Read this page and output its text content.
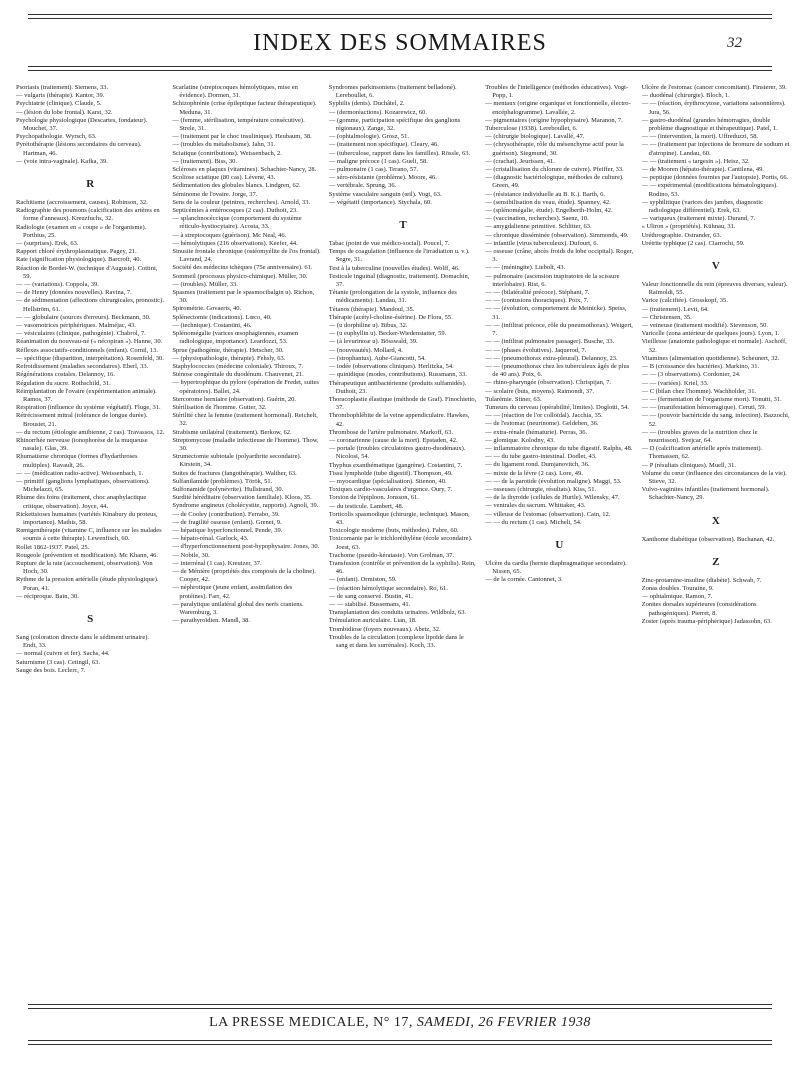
INDEX DES SOMMAIRES	32

Psoriasis (traitement). Siemens, 33.

— vulgaris (thérapie). Kantor, 39.

Psychiatrie (clinique). Claude, 5.

— (lésion du lobe frontal). Karst, 32.

Psychologie physiologique (Descartes, fondateur). Mouchet, 37.

Psychopathologie. Wyrsch, 63.

Pyrétothérapie (lésions secondaires du cerveau). Hartman, 46.

— (voie intra-vaginale). Kafka, 39.

R

Rachitisme (accroissement, causes). Robinson, 32.

Radiographie des poumons (calcification des artères en forme d'anneaux). Kreuzfuchs, 32.

Radiologie (examen en « coupe » de l'organisme). Porthius, 25.

— (surprises). Erek, 63.

Rapport chloré érythroplasmatique. Pagey, 21.

Rate (signification physiologique). Barcroft, 40.

Réaction de Bordet-W. (technique d'Auguste). Cottini, 59.

— — (variations). Coppola, 39.

— de Henry (données nouvelles). Ravina, 7.

— de sédimentation (affections chirurgicales, pronostic). Hellström, 61.

— — globulaire (sources d'erreurs). Beckmann, 30.

— vasomotrices périphériques. Malméjac, 43.

— vésiculaires (clinique, pathogénie). Chabrol, 7.

Réanimation du nouveau-né (« nécopiran »). Hanne, 30.

Réflexes associatifs-conditionnels (enfant). Cornil, 13.

— spécifique (disparition, interprétation). Rosenfeld, 30.

Refroidissement (maladies secondaires). Eberl, 33.

Régénérations costales. Delannoy, 16.

Régulation du sucre. Rothschild, 31.

Réimplantation de l'ovaire (expérimentation animale). Ramos, 37.

Respiration (influence du système végétatif). Fluge, 31.

Rétrécissement mitral (tolérance de longue durée). Broustet, 21.

— du rectum (étiologie amibienne, 2 cas). Travassos, 12.

Rhinorrhée nerveuse (ionophorèse de la muqueuse nasale). Glas, 39.

Rhumatisme chronique (formes d'hydarthroses multiples). Ravault, 26.

— — (médication radio-active). Weissenbach, 1.

— primitif (ganglions lymphatiques, observations). Michelazzi, 65.

Rhume des foins (traitement, choc anaphylactique critique, observation). Joyce, 44.

Rickettsioses humaines (variétés Kinabury du proteus, importance). Mathis, 58.

Rœntgenthérapie (vitamine C, influence sur les malades soumis à cette thérapie). Lewenfisch, 60.

Rollet 1862-1937. Patel, 25.

Rougeole (prévention et modification). Mc Khann, 46.

Rupture de la rate (accouchement, observation). Von Hoch, 30.

Rythme de la pression artérielle (étude physiologique). Poran, 41.

— réciproque. Bain, 30.

S

Sang (coloration directe dans le sédiment urinaire). Endt, 33.

— normal (cuivre et fer). Sachs, 44.

Saturnisme (3 cas). Cetingil, 63.

Sauge des bois. Leclerc, 7.

Scarlatine (streptocoques hémolytiques, mise en évidence). Dormen, 31.

Schizophrénie (crise épileptique facteur thérapeutique). Meduna, 31.

— (femme, stérilisation, température consécutive). Strele, 31.

— (traitement par le choc insulinique). Heubaum, 38.

— (troubles du métabolisme). Jahn, 31.

Sciatique (contributions). Weissenbach, 2.

— (traitement). Biss, 30.

Scléroses en plaques (vitamines). Schachter-Nancy, 28.

Scoliose sciatique (80 cas). Lèvene, 43.

Sédimentation des globules blancs. Lindgren, 62.

Séminome de l'ovaire. Jorge, 37.

Sens de la couleur (peintres, recherches). Arnold, 33.

Septicémies à entérocoques (2 cas). Duthoit, 23.

— splanchnocéccique (comportement du système réticulo-hystiocytaire). Acosta, 33.

— à streptocoques (guérison). Mc Neal, 46.

— hémolytiques (216 observations). Keefer, 44.

Sinusite frontale chronique (ostéomyélite de l'os frontal). Lavrand, 24.

Société des médecins tchèques (75e anniversaire). 61.

Sommeil (processus physico-chimique). Müller, 30.

— (troubles). Müller, 33.

Spasmes (traitement par le spasmocibalgin u). Richon, 30.

Spirométrie. Govaerts, 40.

Splénectomie (indications). Lœco, 40.

— (technique). Costantini, 46.

Splénomégalie (varices œsophagiennes, examen radiologique, importance). Leardozzi, 53.

Sprue (pathogénie, thérapie). Hetscher, 30.

— (physiopathologie, thérapie). Fehsly, 63.

Staphylococcies (médecine coloniale). Thiroux, 7.

Sténose congénitale du duodénum. Chauvenet, 21.

— hypertrophique du pylore (opération de Fredet, suites opératoires). Ballet, 24.

Stercorome herniaire (observation). Guérin, 20.

Stérilisation de l'homme. Gutter, 32.

Stérilité chez la femme (traitement hormonal). Reichelt, 32.

Strabisme unilatéral (traitement). Berkow, 62.

Streptomycose (maladie infectieuse de l'homme). Thow, 30.

Strumectomie subtotale (polyarthrite secondaire). Kirstein, 34.

Suites de fractures (fangothérapie). Walther, 63.

Sulfanilamide (problèmes). Török, 51.

Sulfonamide (polynévrite). Hullstrand, 30.

Surdité héréditaire (observation familiale). Kloos, 35.

Syndrome angineux (cholécystite, rapports). Agnoli, 39.

— de Cooley (contribution). Ferrabo, 39.

— de fragilité osseuse (enfant). Grenet, 9.

— hépatique hyperfonctionnel. Pende, 39.

— hépato-rénal. Garlock, 43.

— d'hyperfonctionnement post-hypophysaire. Jones, 30.

— Nobile, 30.

— interrénal (1 cas). Kreutzer, 37.

— de Ménière (propriétés des composés de la choline). Cooper, 42.

— néphrotique (jeune enfant, assimilation des protéines). Farr, 42.

— paralytique unilatéral global des nerfs craniens. Waremburg, 3.

— parathyroïdien. Mandl, 38.

Syndromes parkinsoniens (traitement belladoné). Lereboullet, 6.

Syphilis (dents). Duchâtel, 2.

— (dermoréactions). Kozarewicz, 60.

— (gomme, participation spécifique des ganglions régionaux). Zange, 32.

— (ophtalmologie). Grosz, 51.

— (traitement non spécifique). Cleary, 46.

— (tuberculose, rapport dans les familles). Rössle, 63.

— maligne précoce (1 cas). Gueli, 58.

— pulmonaire (1 cas). Terano, 57.

— séro-résistante (problème). Moore, 46.

— vertébrale. Sprung, 36.

Système vasculaire sanguin (œil). Vogt, 63.

— végétatif (importance). Stychala, 60.

T

Tabac (point de vue médico-social). Poucel, 7.

Temps de coagulation (influence de l'irradiation u. v.). Segre, 31.

Test à la tuberculine (nouvelles études). Wolff, 46.

Testicule inguinal (diagnostic, traitement). Domachin, 37.

Tétanie (prolongation de la systole, influence des médicaments). Landau, 31.

Tétanos (thérapie). Mandoul, 35.

Thérapie (acétyl-choline-ésérine). De Flora, 55.

— (u dorphiline u). Bibus, 32.

— (u euphyllin u). Becker-Wiedenstatter, 59.

— (à levurinose u). Bösswald, 39.

— (nouveautés). Mollard, 4.

— (strophantus). Aube-Giancotti, 54.

— iodée (observations cliniques). Herlitzka, 54.

— quinidique (modes, contributions). Russmann, 33.

Thérapeutique antibactérienne (produits sulfamidés). Duthoit, 23.

Thoracoplastie élastique (méthode de Graf). Finochietto, 37.

Thrombophlébite de la veine appendiculaire. Hawkes, 42.

Thrombose de l'artère pulmonaire. Markoff, 63.

— coronarienne (cause de la mort). Epstaden, 42.

— portale (troubles circulatoires gastro-duodénaux). Nicolosi, 54.

Thyphus exanthématique (gangrène). Costantini, 7.

Tissu lymphoïde (tube digestif). Thompson, 49.

— myocardique (spécialisation). Stienon, 40.

Toxiques cardio-vasculaires d'urgence. Oury, 7.

Torsion de l'épiploon. Jonsson, 61.

— du testicule. Lambert, 48.

Torticolis spasmodique (chirurgie, technique). Mason, 43.

Toxicologie moderne (buts, méthodes). Fabre, 60.

Toxicomanie par le trichloréthylène (école secondaire). Joest, 63.

Trachome (pseudo-kératasie). Von Grolman, 37.

Transfusion (contrôle et prévention de la syphilis). Rein, 46.

— (enfant). Ormiston, 59.

— (réaction hémolytique secondaire). Ro, 61.

— de sang conservé. Bustin, 41.

— — stabilisé. Bussemans, 41.

Transplantation des conduits urinaires. Wildbolz, 63.

Trémulation auriculaire. Lian, 18.

Trombidiose (foyers nouveaux). Abetz, 32.

Troubles de la circulation (complexe lipoïde dans le sang et dans les surrénales). Koch, 33.

Troubles de l'intelligence (méthodes éducatives). Vogt-Popp, 1.

— mentaux (origine organique et fonctionnelle, électro-encéphalogramme). Lavallée, 2.

— pigmentaires (origine hypophysaire). Maranon, 7.

Tuberculose (1938). Lereboullet, 6.

— (chirurgie biologique). Lavallé, 47.

— (chrysothérapie, rôle du mésenchyme actif pour la guérison). Siegmund, 30.

— (crachat). Jeurissen, 41.

— (cristallisation du chlorure de cuivre). Pfeiffer, 33.

— (diagnostic bactériologique, méthodes de culture). Green, 49.

— (résistance individuelle au B. K.). Barth, 6.

— (sensibilisation du veau, étude). Spanney, 42.

— (splénomégalie, étude). Engelberth-Holm, 42.

— (vaccination, recherches). Saenz, 10.

— amygdalienne primitive. Schlitter, 63.

— chronique disséminée (observation). Simmonds, 49.

— infantile (virus tuberculeux). Dufourt, 6.

— osseuse (crâne, abcès froids du lobe occipital). Roger, 3.

— — (méningite). Liebolt, 43.

— pulmonaire (ascension inspiratoire de la scissure interlobaire). Rist, 6.

— — (bilatéralité précoce). Stéphani, 7.

— — (contusions thoraciques). Poix, 7.

— — (évolution, comportement de Meinicke). Speiss, 31.

— — (infiltrat précoce, rôle du pneumothorax). Weigert, 7.

— — (infiltrat pulmonaire passager). Busche, 33.

— — (phases évolutives). Jaquerod, 7.

— — (pneumothorax extra-pleural). Delannoy, 23.

— — (pneumothorax chez les tuberculeux âgés de plus de 40 ans). Poix, 6.

— rhino-pharyngée (observation). Chrispijan, 7.

— scolaire (buts, moyens). Raimondi, 37.

Tularémie. Stiner, 63.

Tumeurs du cerveau (opérabilité, limites). Doglotti, 54.

— — (réaction de l'or colloïdal). Jacchia, 35.

— de l'estomac (neurinome). Geldeben, 36.

— extra-rénale (hématurie). Perras, 36.

— glomique. Kolodny, 43.

— inflammatoire chronique du tube digestif. Ralphs, 48.

— — du tube gastro-intestinal. Dodlet, 43.

— du ligament rond. Dumjanovitch, 36.

— mixte de la lèvre (2 cas). Lore, 49.

— — de la parotide (évolution maligne). Maggi, 53.

— osseuses (chirurgie, résultats). Kiss, 51.

— de la thyroïde (cellules de Hurtle). Wilensky, 47.

— ventrales du sacrum. Whittaker, 43.

— villeuse de l'estomac (observation). Cain, 12.

— — du rectum (1 cas). Micheli, 54.

U

Ulcère du cardia (hernie diaphragmatique secondaire). Nissen, 65.

— de la cornée. Cantonnet, 3.

Ulcère de l'estomac (cancer concomitant). Finsterer, 39.

— duodénal (chirurgie). Bloch, 1.

— — (réaction, érythrocytose, variations saisonnières). Jura, 56.

— gastro-duodénal (grandes hémorragies, double problème diagnostique et thérapeutique). Patel, 1.

— — (intervention, la mort). Uffreduzzi, 58.

— — (traitement par injections de bromure de sodium et d'atropine). Landau, 60.

— — (traitement « targesin »). Heisz, 32.

— de Mooren (hépato-thérapie). Cantilena, 49.

— peptique (données fournies par l'autopsie). Portis, 66.

— — expérimental (modifications hématologiques). Rodino, 53.

— syphilitique (varices des jambes, diagnostic radiologique différentiel). Erek, 63.

— variqueux (traitement mixte). Durand, 7.

« Uliron » (propriétés). Kühnau, 31.

Uréthrographie. Ostrander, 63.

Urétrite typhique (2 cas). Ciarrochi, 59.

V

Valeur fonctionnelle du rein (épreuves diverses, valeur). Raimoldi, 55.

Varice (calcifiée). Grosskopf, 35.

— (traitement). Levit, 64.

— Christensen, 35.

— veineuse (traitement modifié). Stevenson, 50.

Varicelle (zona antérieur de quelques jours). Lyon, 1.

Vieillesse (anatomie pathologique et normale). Aschoff, 32.

Vitamines (alimentation quotidienne). Scheunert, 32.

— B (croissance des bactéries). Markino, 31.

— — (3 observations). Cordonier, 24.

— — (variées). Kriel, 33.

— C (bilan chez l'homme). Wachholder, 31.

— — (fermentation de l'organisme mort). Tonutti, 31.

— — (manifestation hémorragique). Ceruti, 59.

— — (pouvoir bactéricide du sang, infection). Bazzochi, 52.

— — (troubles graves de la nutrition chez le nourrisson). Svejcar, 64.

— D (calcification artérielle après traitement). Thomassen, 62.

— P (résultats cliniques). Muell, 31.

Volume du cœur (influence des circonstances de la vie). Stieve, 32.

Vulvo-vaginites infantiles (traitement hormonal). Schachter-Nancy, 29.

X

Xanthome diabétique (observation). Buchanan, 42.

Z

Zinc-protamine-insuline (diabète). Schwab, 7.

Zonas doubles. Touraine, 9.

— ophtalmique. Ramon, 7.

Zonites dorsales supérieures (considérations pathogéniques). Pierret, 8.

Zoster (après trauma-périphérique) Jadassohn, 63.

LA PRESSE MEDICALE, N° 17, SAMEDI, 26 FEVRIER 1938
